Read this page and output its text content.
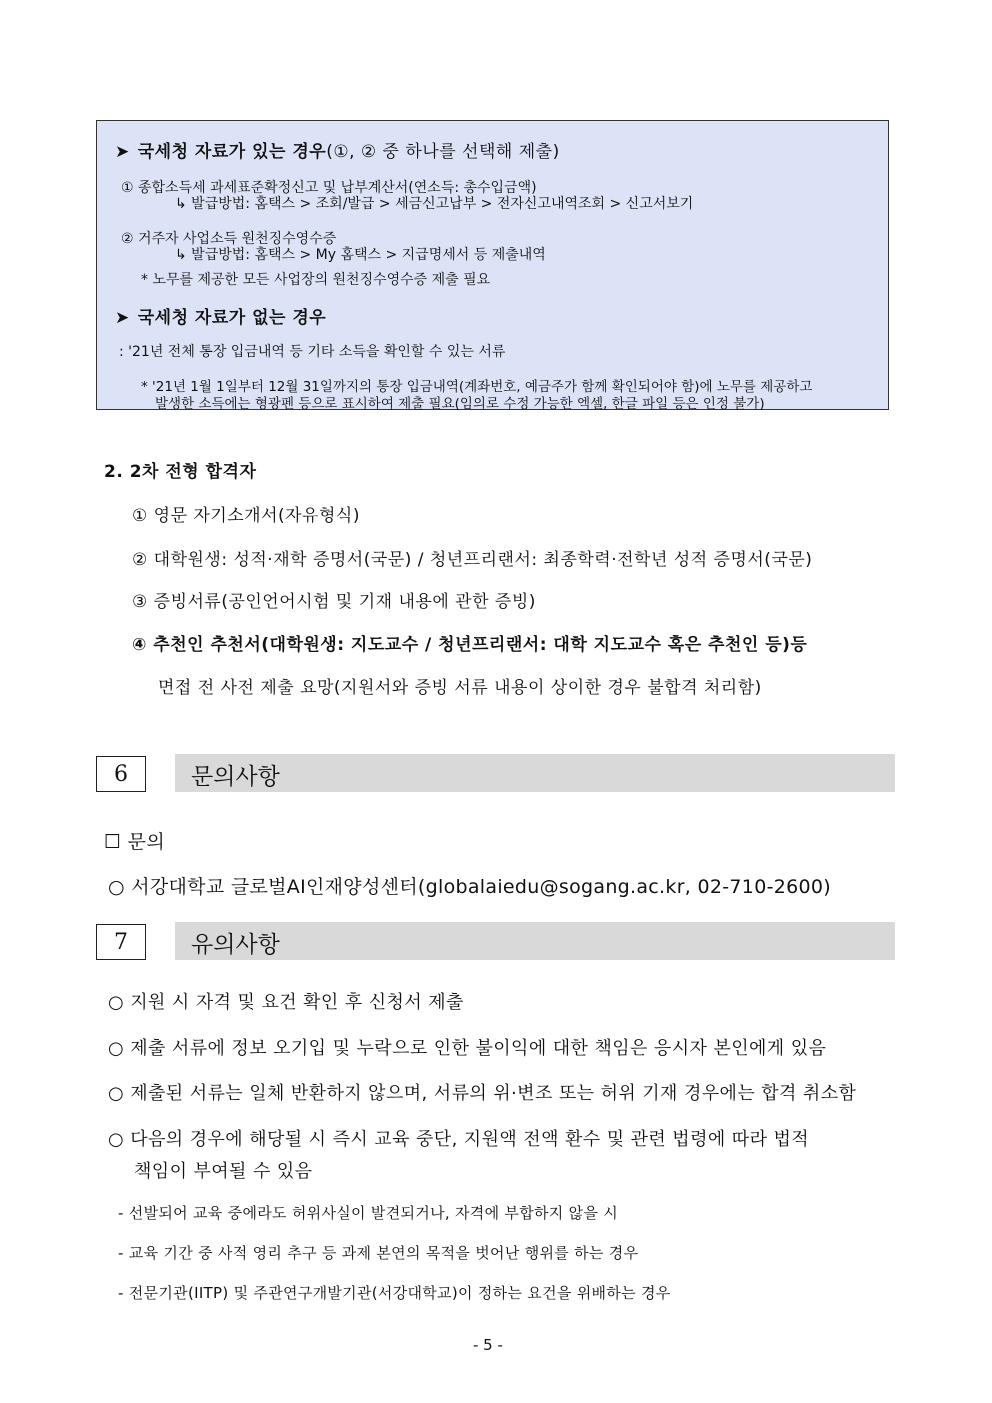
➤ 국세청 자료가 있는 경우(①, ② 중 하나를 선택해 제출)
① 종합소득세 과세표준확정신고 및 납부계산서(연소득: 총수입금액)
↳ 발급방법: 홈택스 > 조회/발급 > 세금신고납부 > 전자신고내역조회 > 신고서보기
② 거주자 사업소득 원천징수영수증
↳ 발급방법: 홈택스 > My 홈택스 > 지급명세서 등 제출내역
* 노무를 제공한 모든 사업장의 원천징수영수증 제출 필요
➤ 국세청 자료가 없는 경우
: '21년 전체 통장 입금내역 등 기타 소득을 확인할 수 있는 서류
* '21년 1월 1일부터 12월 31일까지의 통장 입금내역(계좌번호, 예금주가 함께 확인되어야 함)에 노무를 제공하고
발생한 소득에는 형광펜 등으로 표시하여 제출 필요(임의로 수정 가능한 엑셀, 한글 파일 등은 인정 불가)
2. 2차 전형 합격자
① 영문 자기소개서(자유형식)
② 대학원생: 성적·재학 증명서(국문) / 청년프리랜서: 최종학력·전학년 성적 증명서(국문)
③ 증빙서류(공인언어시험 및 기재 내용에 관한 증빙)
④ 추천인 추천서(대학원생: 지도교수 / 청년프리랜서: 대학 지도교수 혹은 추천인 등)등
면접 전 사전 제출 요망(지원서와 증빙 서류 내용이 상이한 경우 불합격 처리함)
6	문의사항
☐ 문의
○ 서강대학교 글로벌AI인재양성센터(globalaiedu@sogang.ac.kr, 02-710-2600)
7	유의사항
○ 지원 시 자격 및 요건 확인 후 신청서 제출
○ 제출 서류에 정보 오기입 및 누락으로 인한 불이익에 대한 책임은 응시자 본인에게 있음
○ 제출된 서류는 일체 반환하지 않으며, 서류의 위·변조 또는 허위 기재 경우에는 합격 취소함
○ 다음의 경우에 해당될 시 즉시 교육 중단, 지원액 전액 환수 및 관련 법령에 따라 법적
책임이 부여될 수 있음
- 선발되어 교육 중에라도 허위사실이 발견되거나, 자격에 부합하지 않을 시
- 교육 기간 중 사적 영리 추구 등 과제 본연의 목적을 벗어난 행위를 하는 경우
- 전문기관(IITP) 및 주관연구개발기관(서강대학교)이 정하는 요건을 위배하는 경우
- 5 -
